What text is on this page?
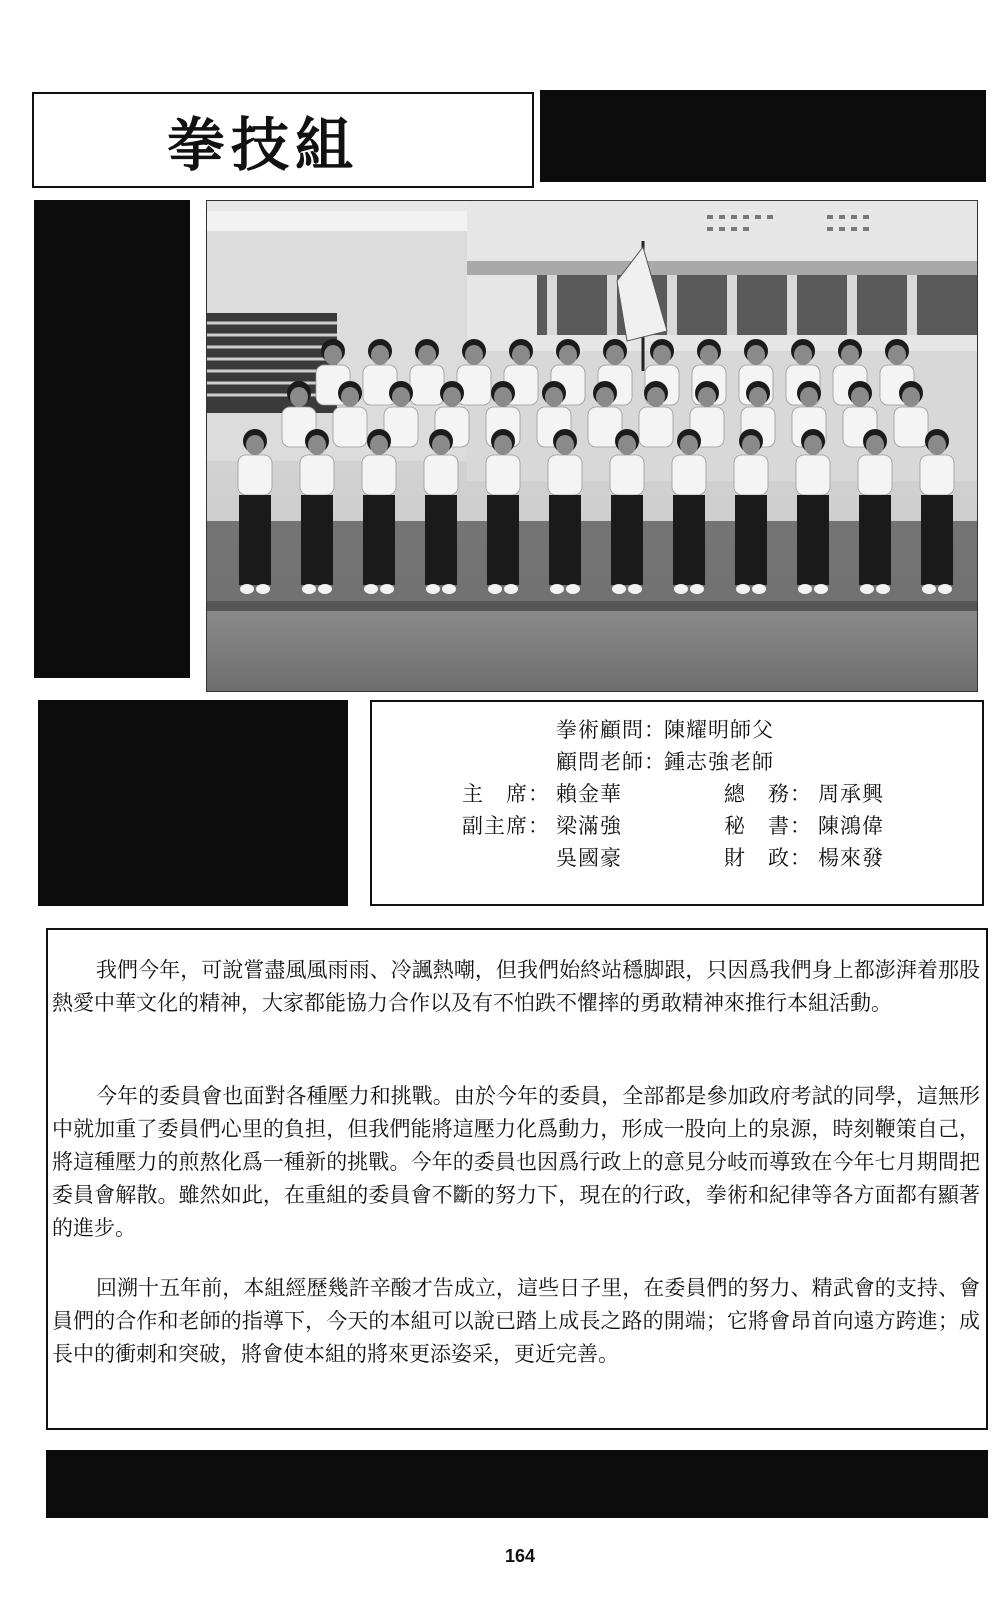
拳技組
拳術顧問：
陳耀明師父
顧問老師：
鍾志強老師
主　席： 賴金華
副主席： 梁滿強
吳國豪
總　務： 周承興
秘　書： 陳鴻偉
財　政： 楊來發

我們今年，可說嘗盡風風雨雨、冷諷熱嘲，但我們始終站穩脚跟，只因爲我們身上都澎湃着那股熱愛中華文化的精神，大家都能協力合作以及有不怕跌不懼摔的勇敢精神來推行本組活動。

今年的委員會也面對各種壓力和挑戰。由於今年的委員，全部都是參加政府考試的同學，這無形中就加重了委員們心里的負担，但我們能將這壓力化爲動力，形成一股向上的泉源，時刻鞭策自己，將這種壓力的煎熬化爲一種新的挑戰。今年的委員也因爲行政上的意見分岐而導致在今年七月期間把委員會解散。雖然如此，在重組的委員會不斷的努力下，現在的行政，拳術和紀律等各方面都有顯著的進步。

回溯十五年前，本組經歷幾許辛酸才告成立，這些日子里，在委員們的努力、精武會的支持、會員們的合作和老師的指導下，今天的本組可以說已踏上成長之路的開端；它將會昂首向遠方跨進；成長中的衝刺和突破，將會使本組的將來更添姿采，更近完善。

164
